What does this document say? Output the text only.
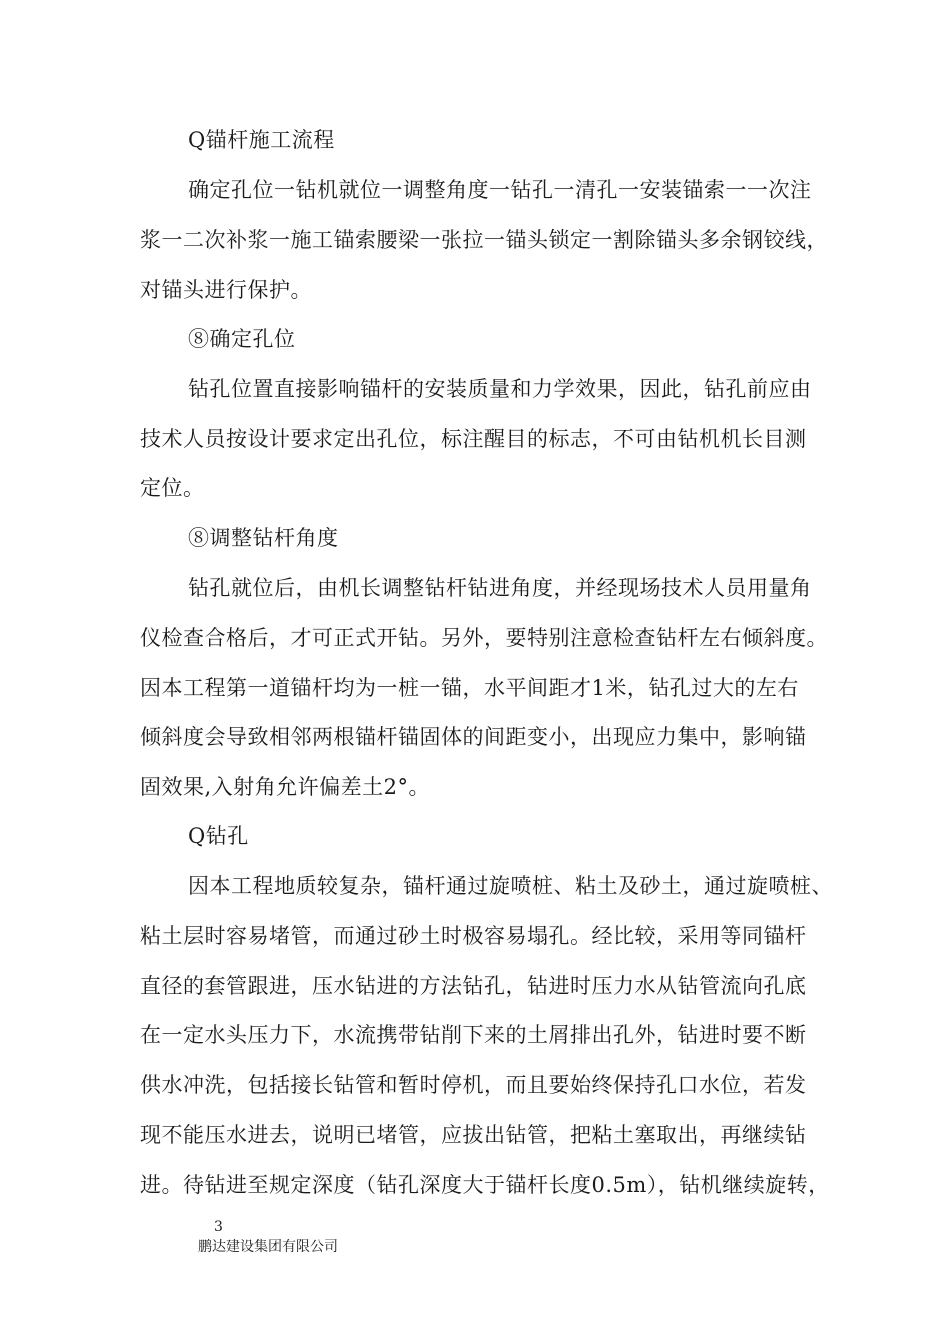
Q锚杆施工流程
确定孔位一钻机就位一调整角度一钻孔一清孔一安装锚索一一次注
浆一二次补浆一施工锚索腰梁一张拉一锚头锁定一割除锚头多余钢铰线，
对锚头进行保护。
⑧确定孔位
钻孔位置直接影响锚杆的安装质量和力学效果，因此，钻孔前应由
技术人员按设计要求定出孔位，标注醒目的标志，不可由钻机机长目测
定位。
⑧调整钻杆角度
钻孔就位后，由机长调整钻杆钻进角度，并经现场技术人员用量角
仪检查合格后，才可正式开钻。另外，要特别注意检查钻杆左右倾斜度。
因本工程第一道锚杆均为一桩一锚，水平间距才1米，钻孔过大的左右
倾斜度会导致相邻两根锚杆锚固体的间距变小，出现应力集中，影响锚
固效果,入射角允许偏差土2°。
Q钻孔
因本工程地质较复杂，锚杆通过旋喷桩、粘土及砂土，通过旋喷桩、
粘土层时容易堵管，而通过砂土时极容易塌孔。经比较，采用等同锚杆
直径的套管跟进，压水钻进的方法钻孔，钻进时压力水从钻管流向孔底
在一定水头压力下，水流携带钻削下来的土屑排出孔外，钻进时要不断
供水冲洗，包括接长钻管和暂时停机，而且要始终保持孔口水位，若发
现不能压水进去，说明已堵管，应拔出钻管，把粘土塞取出，再继续钻
进。待钻进至规定深度（钻孔深度大于锚杆长度0.5m），钻机继续旋转，
3
鹏达建设集团有限公司
